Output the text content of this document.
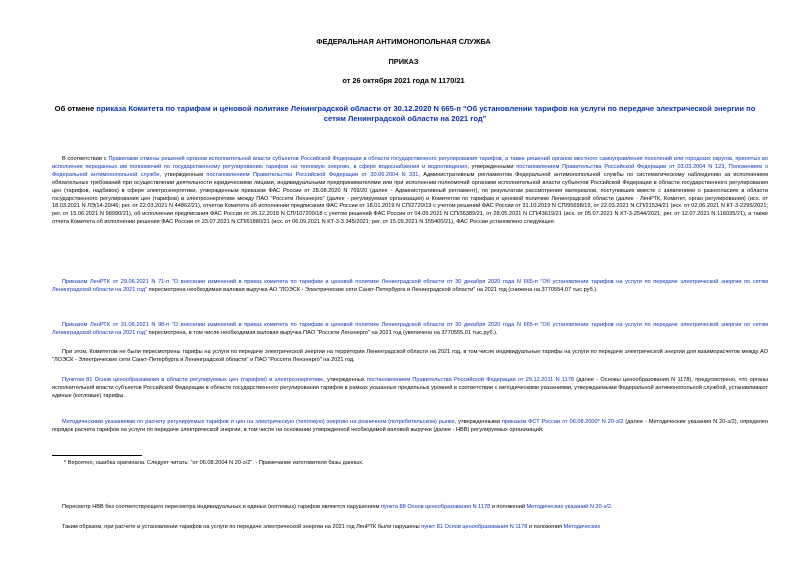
ФЕДЕРАЛЬНАЯ АНТИМОНОПОЛЬНАЯ СЛУЖБА
ПРИКАЗ
от 26 октября 2021 года N 1170/21
Об отмене приказа Комитета по тарифам и ценовой политике Ленинградской области от 30.12.2020 N 665-п "Об установлении тарифов на услуги по передаче электрической энергии по сетям Ленинградской области на 2021 год"
В соответствии с Правилами отмены решений органов исполнительной власти субъектов Российской Федерации в области государственного регулирования тарифов, а также решений органов местного самоуправления поселений или городских округов, принятых во исполнение переданных им полномочий по государственному регулированию тарифов на тепловую энергию, в сфере водоснабжения и водоотведения, утвержденными постановлением Правительства Российской Федерации от 03.03.2004 N 123, Положением о Федеральной антимонопольной службе, утвержденным постановлением Правительства Российской Федерации от 30.06.2004 N 331, Административным регламентом Федеральной антимонопольной службы по систематическому наблюдению за исполнением обязательных требований при осуществлении деятельности юридическими лицами, индивидуальными предпринимателями или при исполнении полномочий органами исполнительной власти субъектов Российской Федерации в области государственного регулирования цен (тарифов, надбавок) в сфере электроэнергетики, утвержденным приказом ФАС России от 28.08.2020 N 769/20 (далее - Административный регламент), по результатам рассмотрения материалов, поступивших вместе с заявлением о разногласиях в области государственного регулирования цен (тарифов) в электроэнергетике между ПАО "Россети Ленэнерго" (далее - регулируемая организация) и Комитетом по тарифам и ценовой политике Ленинградской области (далее - ЛенРТК, Комитет, орган регулирования) (исх. от 18.03.2021 N ЛЭ/14-20/46; рег. от 22.03.2021 N 44862/21), отчетов Комитета об исполнении предписания ФАС России от 18.01.2019 N СП/2720/19 с учетом решений ФАС России от 31.10.2019 N СП/95698/19, от 22.03.2021 N СП/21534/21 (исх. от 02.06.2021 N КТ-3-2295/2021; рег. от 15.06.2021 N 98990/21), об исполнении предписания ФАС России от 26.12.2018 N СП/107200/18 с учетом решений ФАС России от 04.05.2021 N СП/36389/21, от 28.05.2021 N СП/43619/21 (исх. от 05.07.2021 N КТ-3-2544/2021; рег. от 12.07.2021 N 116035/21), а также отчета Комитета об исполнении решения ФАС России от 23.07.2021 N СП/61880/21 (исх. от 06.09.2021 N КТ-3-3 345/2021; рег. от 15.09.2021 N 155400/21), ФАС России установлено следующее.
Приказом ЛенРТК от 29.06.2021 N 71-п "О внесении изменений в приказ комитета по тарифам и ценовой политике Ленинградской области от 30 декабря 2020 года N 665-п "Об установлении тарифов на услуги по передаче электрической энергии по сетям Ленинградской области на 2021 год" пересмотрена необходимая валовая выручка АО "ЛОЭСК - Электрические сети Санкт-Петербурга и Ленинградской области" на 2021 год (снижена на 3770554,07 тыс.руб.).
Приказом ЛенРТК от 31.08.2021 N 98-п "О внесении изменений в приказ комитета по тарифам и ценовой политике Ленинградской области от 30 декабря 2020 года N 665-п "Об установлении тарифов на услуги по передаче электрической энергии по сетям Ленинградской области на 2021 год" пересмотрена, в том числе необходимая валовая выручка ПАО "Россети Ленэнерго" на 2021 год (увеличена на 3770555,01 тыс.руб.).
При этом, Комитетом не были пересмотрены тарифы на услуги по передаче электрической энергии на территории Ленинградской области на 2021 год, в том числе индивидуальные тарифы на услуги по передаче электрической энергии для взаиморасчетов между АО "ЛОЭСК - Электрические сети Санкт-Петербурга и Ленинградской области" и ПАО "Россети Ленэнерго" на 2021 год.
Пунктом 81 Основ ценообразования в области регулируемых цен (тарифов) в электроэнергетике, утвержденных постановлением Правительства Российской Федерации от 29.12.2011 N 1178 (далее - Основы ценообразования N 1178), предусмотрено, что органы исполнительной власти субъектов Российской Федерации в области государственного регулирования тарифов в рамках указанных предельных уровней в соответствии с методическими указаниями, утверждаемыми Федеральной антимонопольной службой, устанавливают единые (котловые) тарифы.
Методическими указаниями по расчету регулируемых тарифов и цен на электрическую (тепловую) энергию на розничном (потребительском) рынке, утвержденными приказом ФСТ России от 06.08.2000* N 20-э/2 (далее - Методические указания N 20-э/2), определен порядок расчета тарифов на услуги по передаче электрической энергии, в том числе на основании утвержденной необходимой валовой выручки (далее - НВВ) регулируемых организаций.
* Вероятно, ошибка оригинала. Следует читать: "от 06.08.2004 N 20-э/2". - Примечание изготовителя базы данных.
Пересмотр НВВ без соответствующего пересмотра индивидуальных и единых (котловых) тарифов является нарушением пункта 88 Основ ценообразования N 1178 и положений Методических указаний N 20-э/2.
Таким образом, при расчете и установлении тарифов на услуги по передаче электрической энергии на 2021 год ЛенРТК были нарушены пункт 81 Основ ценообразования N 1178 и положения Методических
